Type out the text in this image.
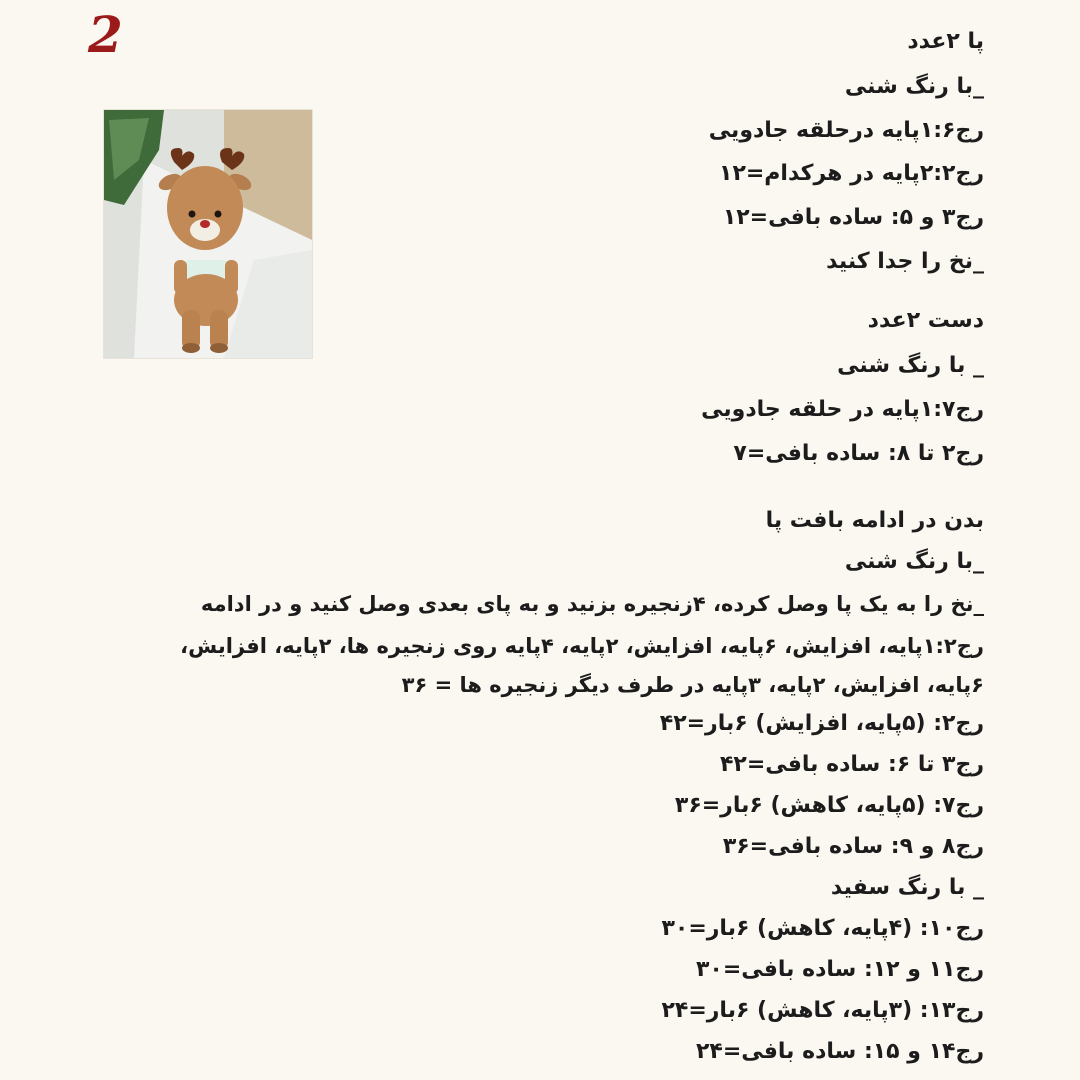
2	پا ۲عدد
_با رنگ شنی
رج۱:۶پایه درحلقه جادویی
رج۲:۲پایه در هرکدام=۱۲
رج۳ و ۵: ساده بافی=۱۲
_نخ را جدا کنید
دست ۲عدد
_ با رنگ شنی
رج۱:۷پایه در حلقه جادویی
رج۲ تا ۸: ساده بافی=۷
بدن در ادامه بافت پا
_با رنگ شنی
_نخ را به یک پا وصل کرده، ۴زنجیره بزنید و به پای بعدی وصل کنید و در ادامه
رج۱:۲پایه، افزایش، ۶پایه، افزایش، ۲پایه، ۴پایه روی زنجیره ها، ۲پایه، افزایش،
۶پایه، افزایش، ۲پایه، ۳پایه در طرف دیگر زنجیره ها = ۳۶
رج۲: (۵پایه، افزایش) ۶بار=۴۲
رج۳ تا ۶: ساده بافی=۴۲
رج۷: (۵پایه، کاهش) ۶بار=۳۶
رج۸ و ۹: ساده بافی=۳۶
_ با رنگ سفید
رج۱۰: (۴پایه، کاهش) ۶بار=۳۰
رج۱۱ و ۱۲: ساده بافی=۳۰
رج۱۳: (۳پایه، کاهش) ۶بار=۲۴
رج۱۴ و ۱۵: ساده بافی=۲۴
